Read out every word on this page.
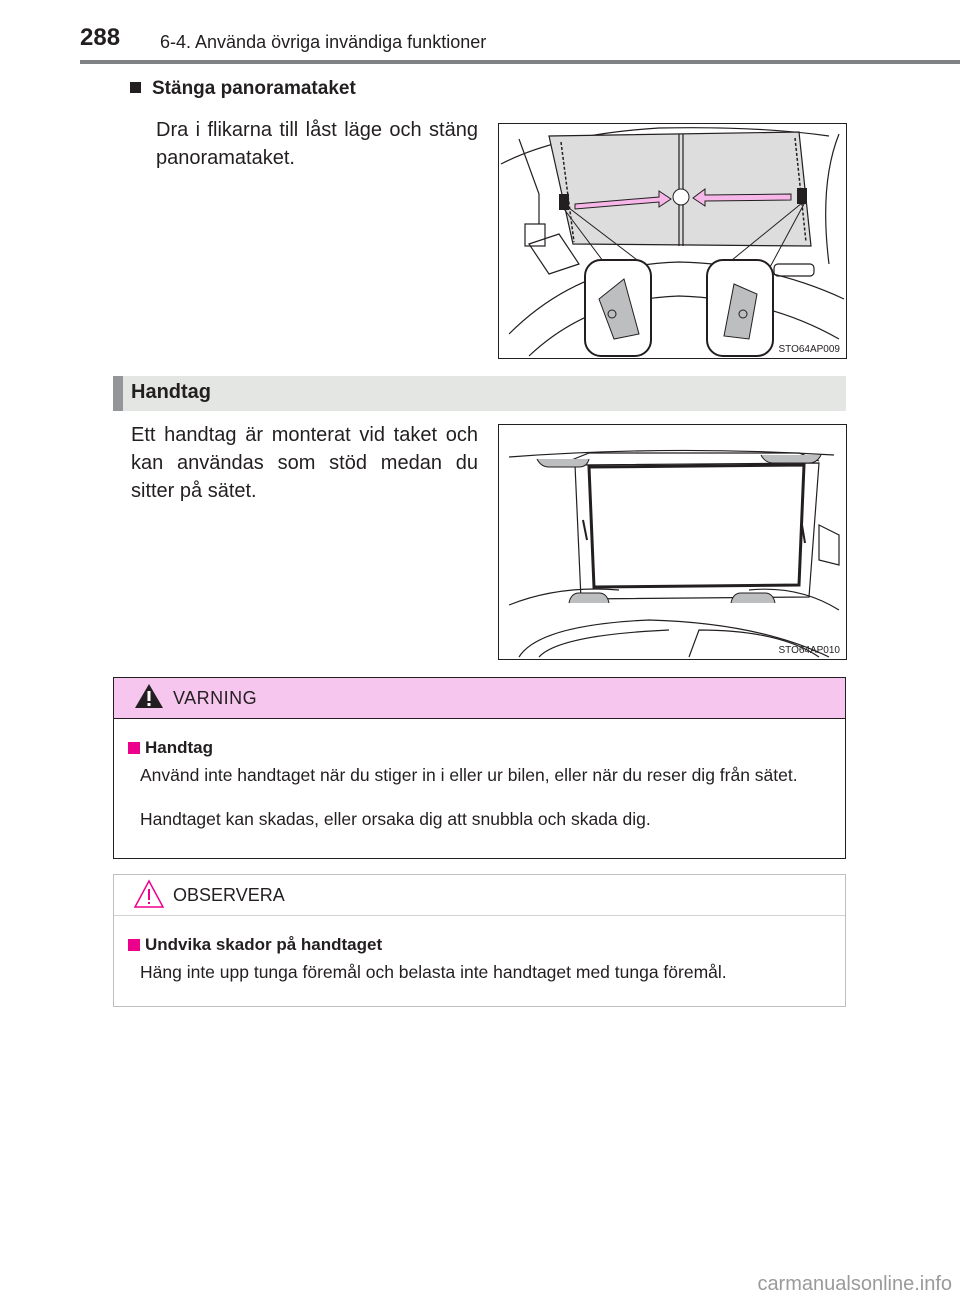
288 6-4. Använda övriga invändiga funktioner
Stänga panoramataket
Dra i flikarna till låst läge och stäng panoramataket.
STO64AP009
Handtag
Ett handtag är monterat vid taket och kan användas som stöd medan du sitter på sätet.
STO64AP010
VARNING
Handtag
Använd inte handtaget när du stiger in i eller ur bilen, eller när du reser dig från sätet.
Handtaget kan skadas, eller orsaka dig att snubbla och skada dig.
OBSERVERA
Undvika skador på handtaget
Häng inte upp tunga föremål och belasta inte handtaget med tunga föremål.
carmanualsonline.info
